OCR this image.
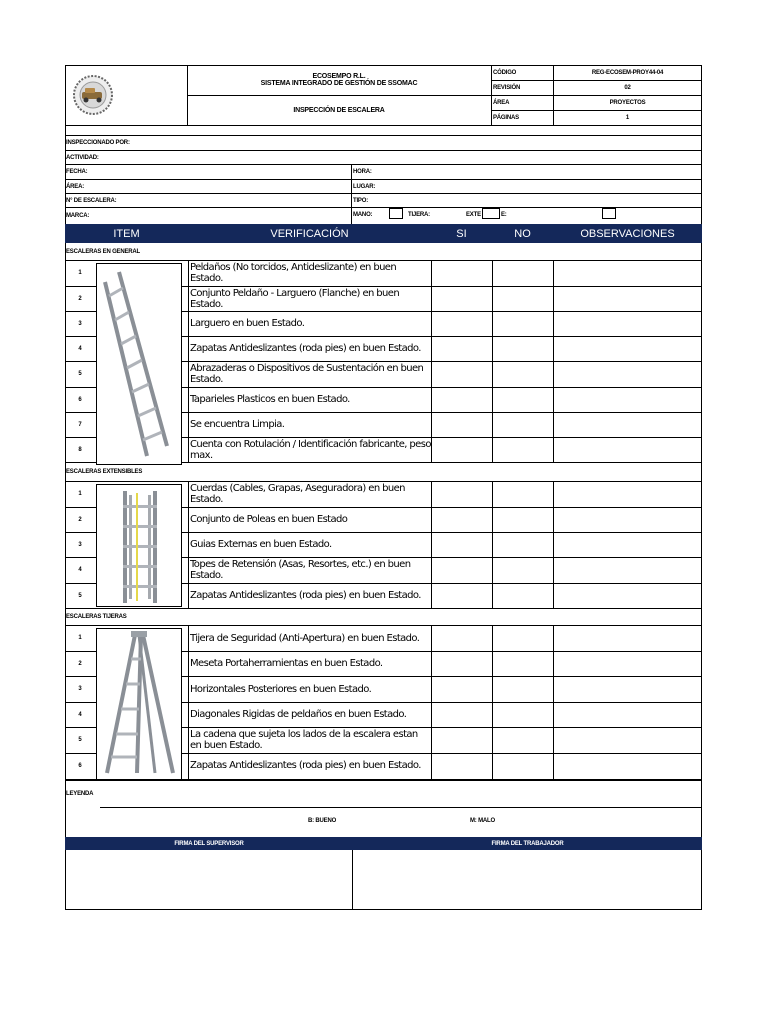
ECOSEMPO R.L.
SISTEMA INTEGRADO DE GESTIÓN DE SSOMAC
INSPECCIÓN DE ESCALERA
CÓDIGO	REG-ECOSEM-PROY44-04
REVISIÓN	02
ÁREA	PROYECTOS
PÁGINAS	1
INSPECCIONADO POR:
ACTIVIDAD:
FECHA:	HORA:
ÁREA:	LUGAR:
N° DE ESCALERA:	TIPO:
MARCA:	MANO:	TIJERA:	EXTE	E:
ITEM	VERIFICACIÓN	SI	NO	OBSERVACIONES
ESCALERAS EN GENERAL
1	Peldaños (No torcidos, Antideslizante) en buen Estado.
2	Conjunto Peldaño - Larguero (Flanche) en buen Estado.
3	Larguero en buen Estado.
4	Zapatas Antideslizantes (roda pies) en buen Estado.
5	Abrazaderas o Dispositivos de Sustentación en buen Estado.
6	Taparieles Plasticos en buen Estado.
7	Se encuentra Limpia.
8	Cuenta con Rotulación / Identificación fabricante, peso max.
ESCALERAS EXTENSIBLES
1	Cuerdas (Cables, Grapas, Aseguradora) en buen Estado.
2	Conjunto de Poleas en buen Estado
3	Guias Externas en buen Estado.
4	Topes de Retensión (Asas, Resortes, etc.) en buen Estado.
5	Zapatas Antideslizantes (roda pies) en buen Estado.
ESCALERAS TIJERAS
1	Tijera de Seguridad (Anti-Apertura) en buen Estado.
2	Meseta Portaherramientas en buen Estado.
3	Horizontales Posteriores en buen Estado.
4	Diagonales Rigidas de peldaños en buen Estado.
5	La cadena que sujeta los lados de la escalera estan en buen Estado.
6	Zapatas Antideslizantes (roda pies) en buen Estado.
LEYENDA
B: BUENO	M: MALO
FIRMA DEL SUPERVISOR	FIRMA DEL TRABAJADOR
